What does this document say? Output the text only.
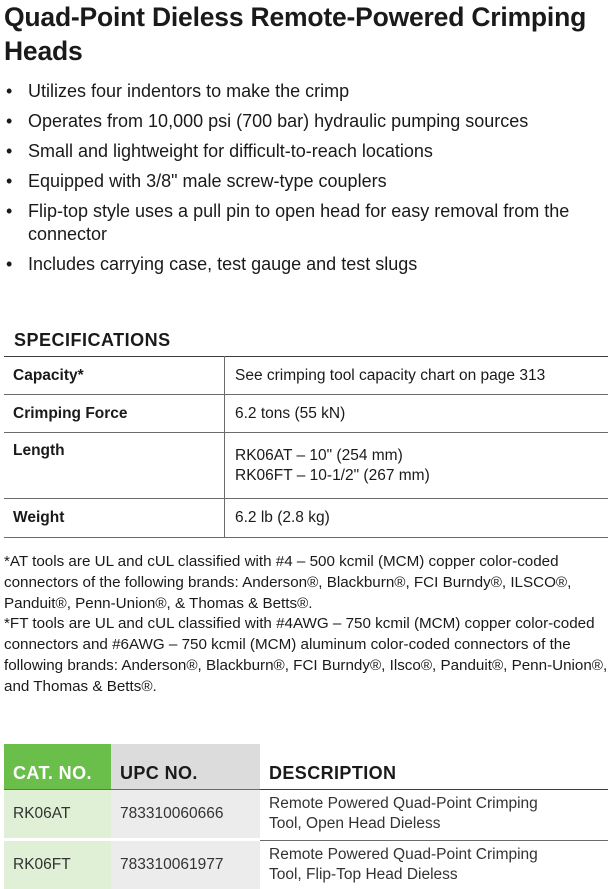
Quad-Point Dieless Remote-Powered Crimping Heads
• Utilizes four indentors to make the crimp
• Operates from 10,000 psi (700 bar) hydraulic pumping sources
• Small and lightweight for difficult-to-reach locations
• Equipped with 3/8" male screw-type couplers
• Flip-top style uses a pull pin to open head for easy removal from the connector
• Includes carrying case, test gauge and test slugs
SPECIFICATIONS
Capacity*	See crimping tool capacity chart on page 313
Crimping Force	6.2 tons (55 kN)
Length	RK06AT – 10" (254 mm)
RK06FT – 10-1/2" (267 mm)
Weight	6.2 lb (2.8 kg)

*AT tools are UL and cUL classified with #4 – 500 kcmil (MCM) copper color-coded connectors of the following brands: Anderson®, Blackburn®, FCI Burndy®, ILSCO®, Panduit®, Penn-Union®, & Thomas & Betts®.

*FT tools are UL and cUL classified with #4AWG – 750 kcmil (MCM) copper color-coded connectors and #6AWG – 750 kcmil (MCM) aluminum color-coded connectors of the following brands: Anderson®, Blackburn®, FCI Burndy®, Ilsco®, Panduit®, Penn-Union®, and Thomas & Betts®.

CAT. NO.	UPC NO.	DESCRIPTION
RK06AT	783310060666	Remote Powered Quad-Point Crimping
Tool, Open Head Dieless

RK06FT	783310061977	Remote Powered Quad-Point Crimping
Tool, Flip-Top Head Dieless
